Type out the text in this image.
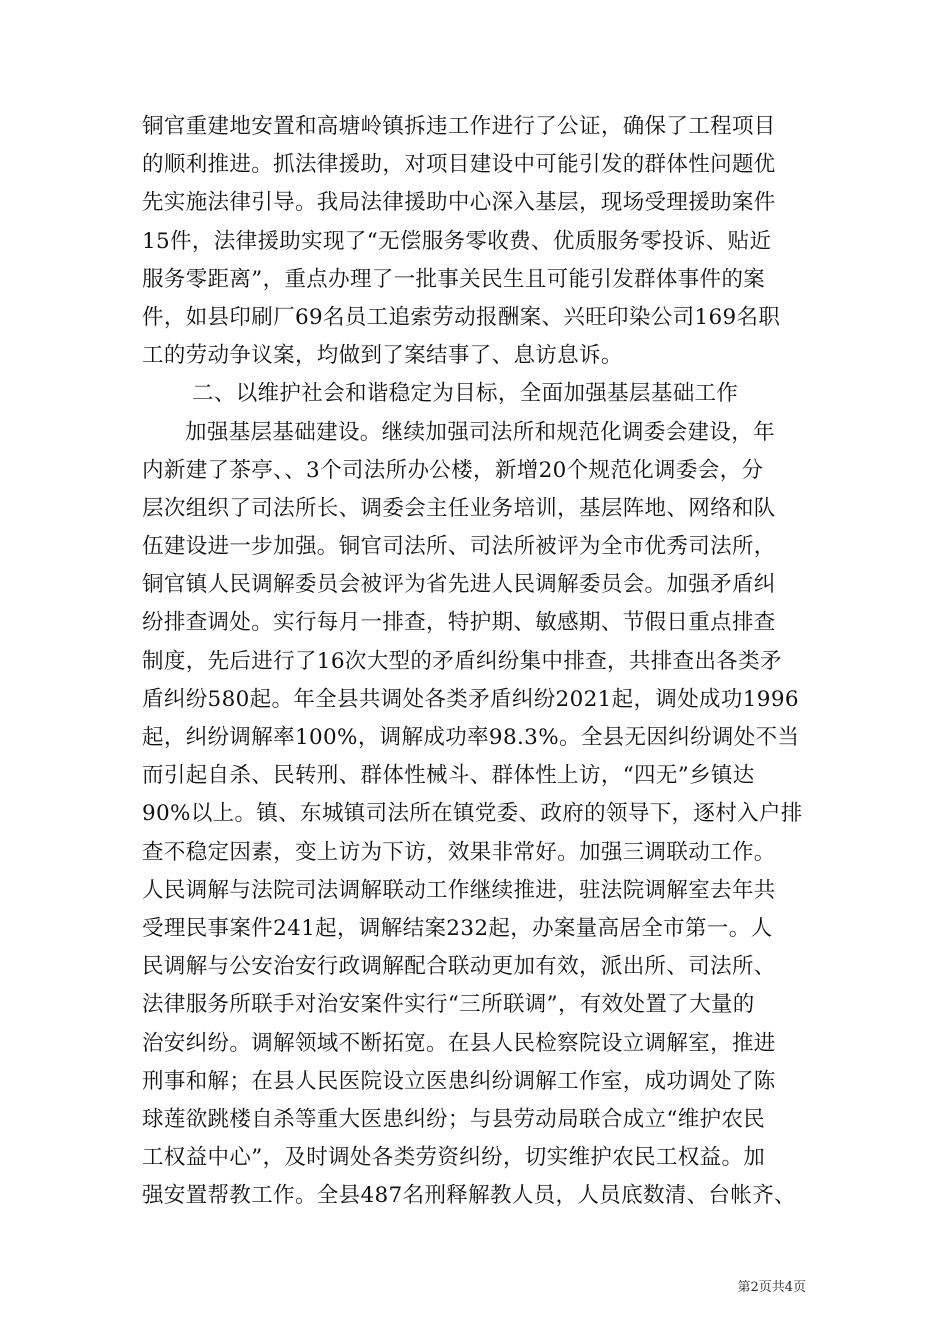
铜官重建地安置和高塘岭镇拆违工作进行了公证，确保了工程项目
的顺利推进。抓法律援助，对项目建设中可能引发的群体性问题优
先实施法律引导。我局法律援助中心深入基层，现场受理援助案件
15件，法律援助实现了“无偿服务零收费、优质服务零投诉、贴近
服务零距离”，重点办理了一批事关民生且可能引发群体事件的案
件，如县印刷厂69名员工追索劳动报酬案、兴旺印染公司169名职
工的劳动争议案，均做到了案结事了、息访息诉。
二、以维护社会和谐稳定为目标，全面加强基层基础工作
加强基层基础建设。继续加强司法所和规范化调委会建设，年
内新建了茶亭、、3个司法所办公楼，新增20个规范化调委会，分
层次组织了司法所长、调委会主任业务培训，基层阵地、网络和队
伍建设进一步加强。铜官司法所、司法所被评为全市优秀司法所，
铜官镇人民调解委员会被评为省先进人民调解委员会。加强矛盾纠
纷排查调处。实行每月一排查，特护期、敏感期、节假日重点排查
制度，先后进行了16次大型的矛盾纠纷集中排查，共排查出各类矛
盾纠纷580起。年全县共调处各类矛盾纠纷2021起，调处成功1996
起，纠纷调解率100%，调解成功率98.3%。全县无因纠纷调处不当
而引起自杀、民转刑、群体性械斗、群体性上访，“四无”乡镇达
90%以上。镇、东城镇司法所在镇党委、政府的领导下，逐村入户排
查不稳定因素，变上访为下访，效果非常好。加强三调联动工作。
人民调解与法院司法调解联动工作继续推进，驻法院调解室去年共
受理民事案件241起，调解结案232起，办案量高居全市第一。人
民调解与公安治安行政调解配合联动更加有效，派出所、司法所、
法律服务所联手对治安案件实行“三所联调”，有效处置了大量的
治安纠纷。调解领域不断拓宽。在县人民检察院设立调解室，推进
刑事和解；在县人民医院设立医患纠纷调解工作室，成功调处了陈
球莲欲跳楼自杀等重大医患纠纷；与县劳动局联合成立“维护农民
工权益中心”，及时调处各类劳资纠纷，切实维护农民工权益。加
强安置帮教工作。全县487名刑释解教人员，人员底数清、台帐齐、
第2页共4页
